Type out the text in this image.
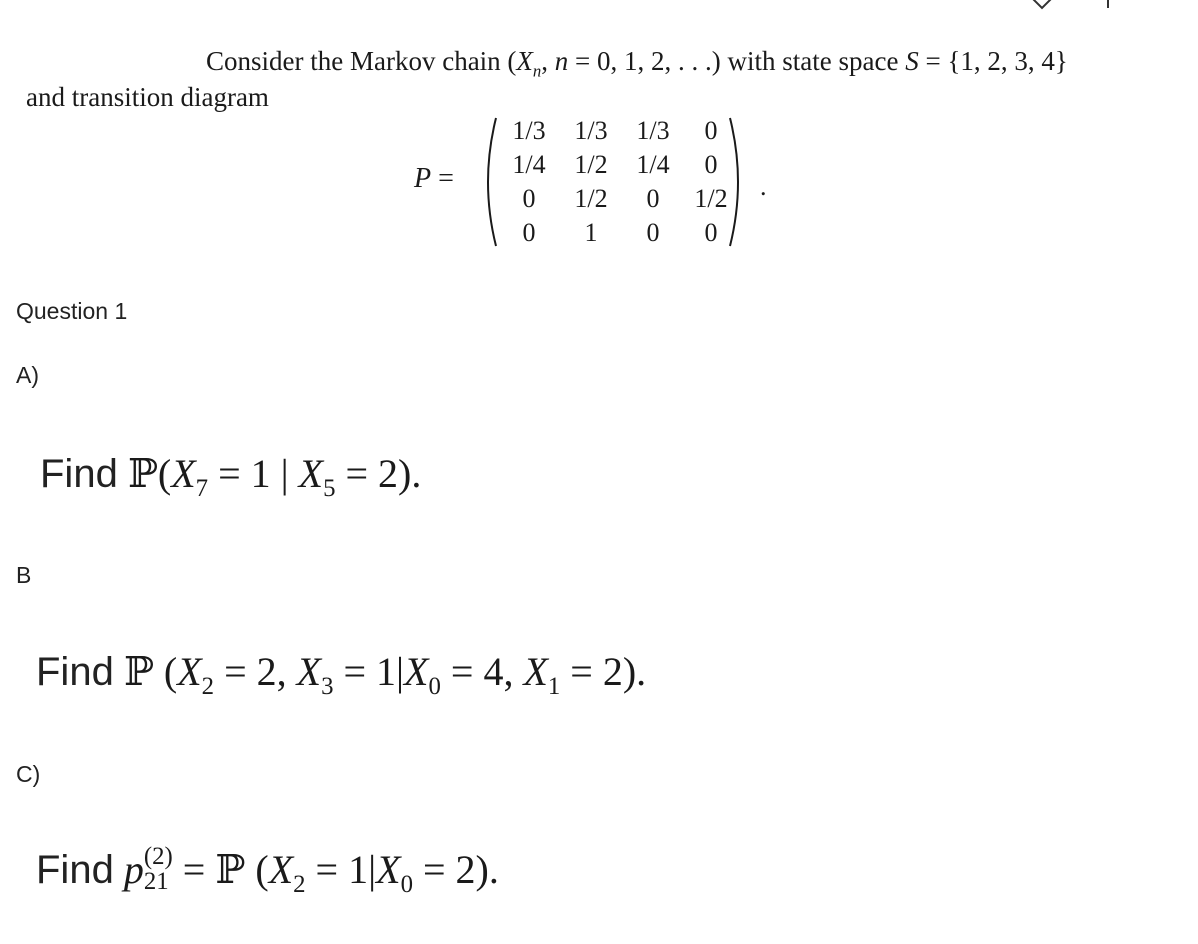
Consider the Markov chain ($X_n$, n = 0, 1, 2, . . .) with state space S = {1, 2, 3, 4}
and transition diagram
P =
1/3	1/3	1/3	0
1/4	1/2	1/4	0
0	1/2	0	1/2
0	1	0	0
.
Question 1
A)
Find $ℙ(X_7 = 1$ | $X_5 = 2$).
B
Find ℙ ($X_2 = 2$, $X_3 = 1|X_0 = 4$, $X_1 = 2$).
C)
Find p (2)
21 = ℙ $(X_2 = 1|X_0 = 2)$.
